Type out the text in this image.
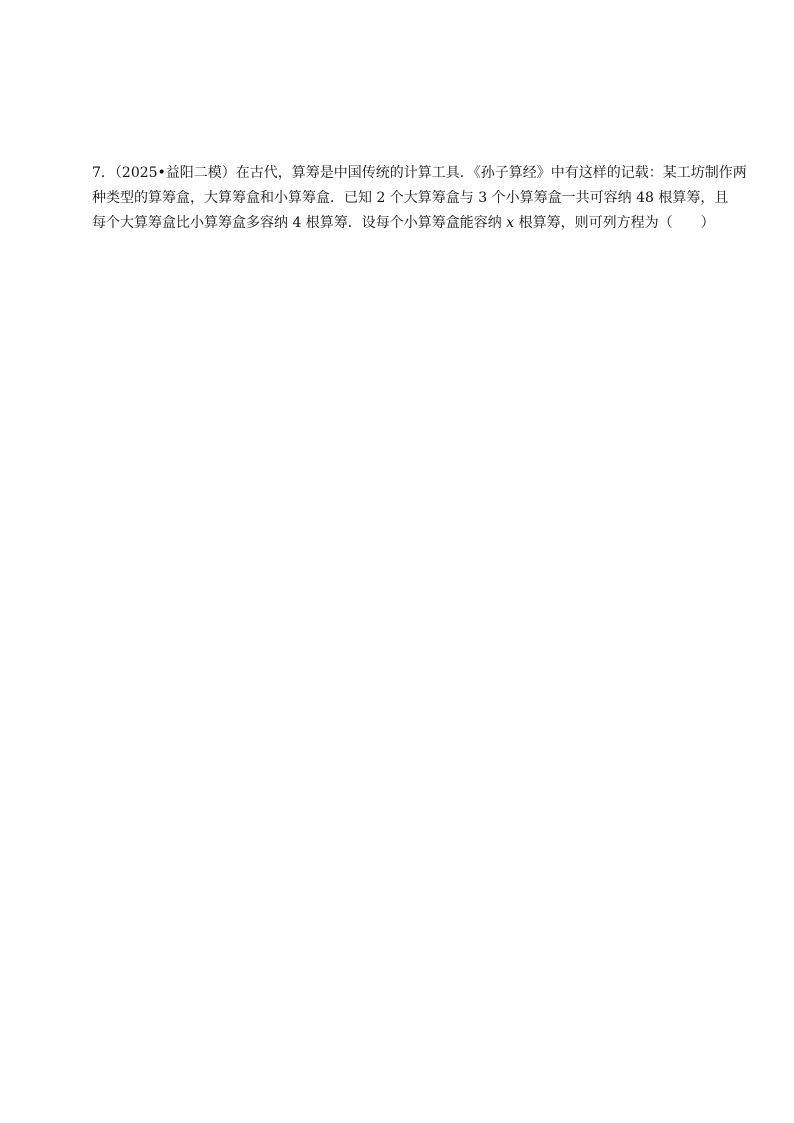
7．（2025•益阳二模）在古代，算筹是中国传统的计算工具．《孙子算经》中有这样的记载：某工坊制作两
种类型的算筹盒，大算筹盒和小算筹盒．已知 2 个大算筹盒与 3 个小算筹盒一共可容纳 48 根算筹，且
每个大算筹盒比小算筹盒多容纳 4 根算筹．设每个小算筹盒能容纳 x 根算筹，则可列方程为（　　）
